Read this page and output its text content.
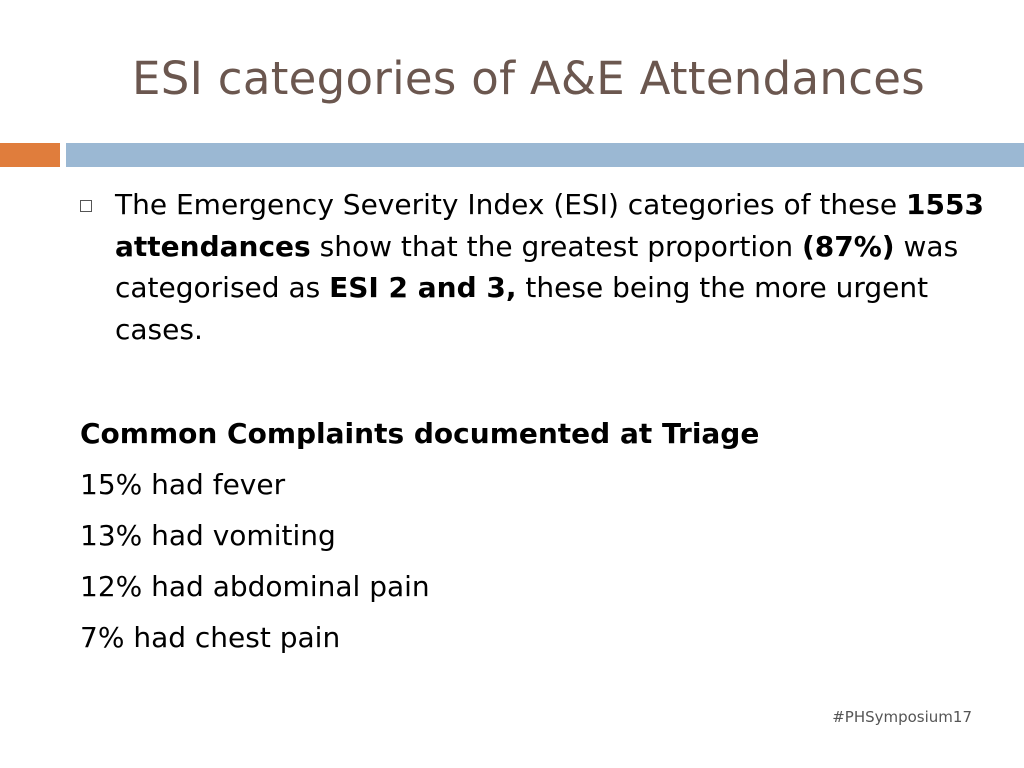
ESI categories of A&E Attendances

The Emergency Severity Index (ESI) categories of these 1553 attendances show that the greatest proportion (87%) was categorised as ESI 2 and 3, these being the more urgent cases.

Common Complaints documented at Triage
15% had fever
13% had vomiting
12% had abdominal pain
7% had chest pain
#PHSymposium17
